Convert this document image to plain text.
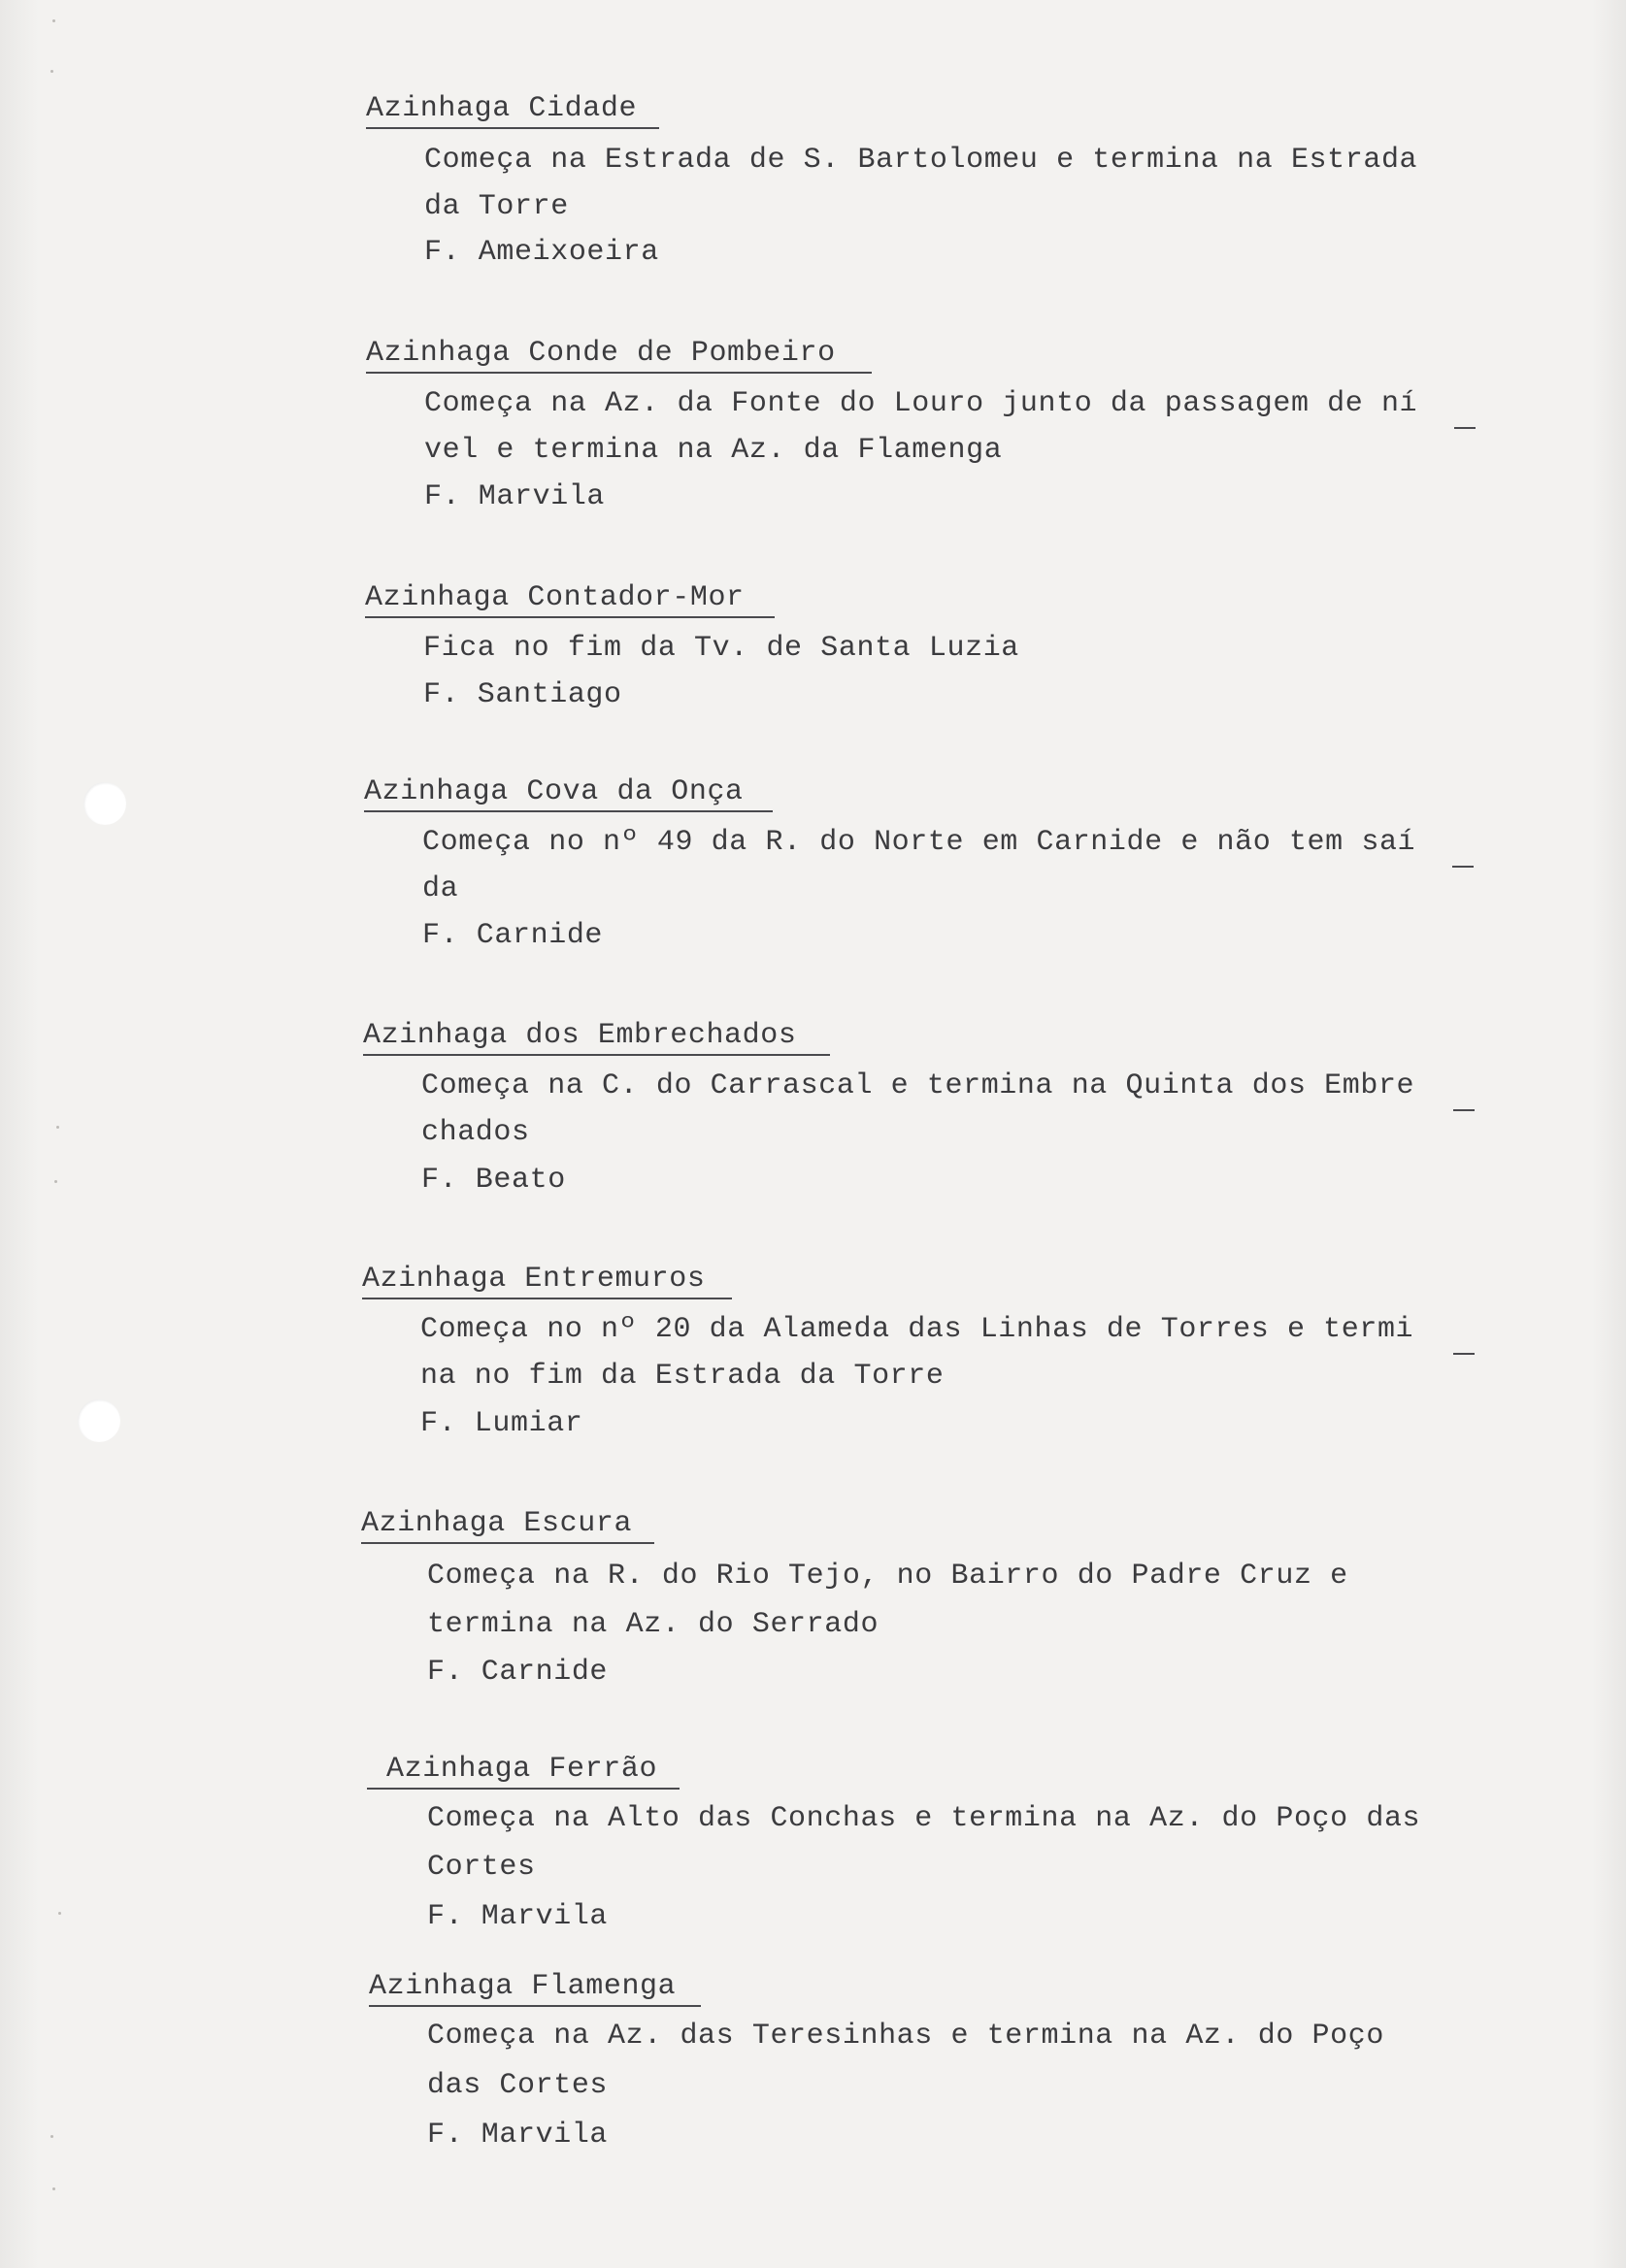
Azinhaga Cidade
Começa na Estrada de S. Bartolomeu e termina na Estrada
da Torre
F. Ameixoeira
Azinhaga Conde de Pombeiro
Começa na Az. da Fonte do Louro junto da passagem de ní
vel e termina na Az. da Flamenga
F. Marvila
Azinhaga Contador-Mor
Fica no fim da Tv. de Santa Luzia
F. Santiago
Azinhaga Cova da Onça
Começa no nº 49 da R. do Norte em Carnide e não tem saí
da
F. Carnide
Azinhaga dos Embrechados
Começa na C. do Carrascal e termina na Quinta dos Embre
chados
F. Beato
Azinhaga Entremuros
Começa no nº 20 da Alameda das Linhas de Torres e termi
na no fim da Estrada da Torre
F. Lumiar
Azinhaga Escura
Começa na R. do Rio Tejo, no Bairro do Padre Cruz e
termina na Az. do Serrado
F. Carnide
Azinhaga Ferrão
Começa na Alto das Conchas e termina na Az. do Poço das
Cortes
F. Marvila
Azinhaga Flamenga
Começa na Az. das Teresinhas e termina na Az. do Poço
das Cortes
F. Marvila
